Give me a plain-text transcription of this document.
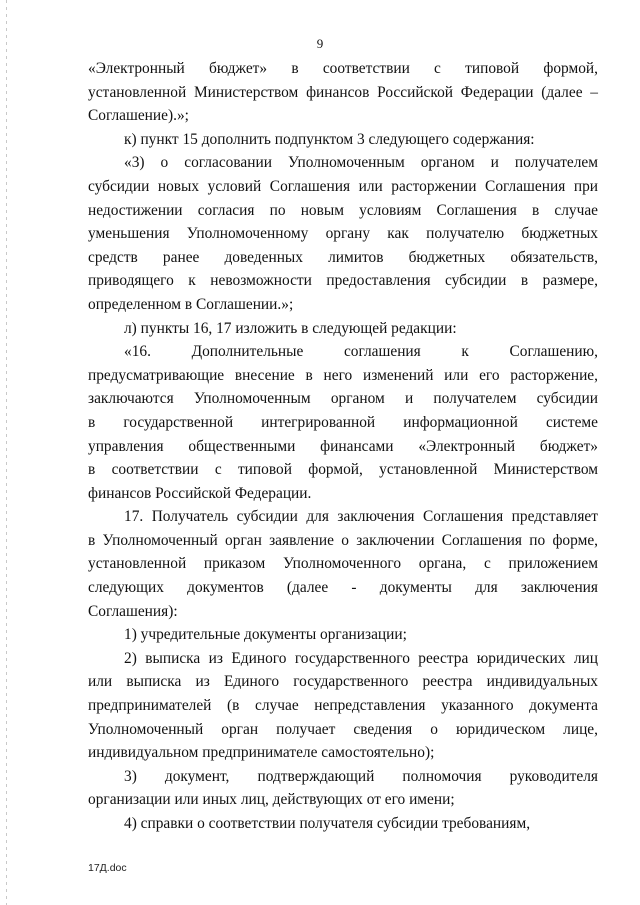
9
«Электронный бюджет» в соответствии с типовой формой,
установленной Министерством финансов Российской Федерации (далее –
Соглашение).»;
к) пункт 15 дополнить подпунктом 3 следующего содержания:
«3) о согласовании Уполномоченным органом и получателем
субсидии новых условий Соглашения или расторжении Соглашения при
недостижении согласия по новым условиям Соглашения в случае
уменьшения Уполномоченному органу как получателю бюджетных
средств ранее доведенных лимитов бюджетных обязательств,
приводящего к невозможности предоставления субсидии в размере,
определенном в Соглашении.»;
л) пункты 16, 17 изложить в следующей редакции:
«16. Дополнительные соглашения к Соглашению,
предусматривающие внесение в него изменений или его расторжение,
заключаются Уполномоченным органом и получателем субсидии
в государственной интегрированной информационной системе
управления общественными финансами «Электронный бюджет»
в соответствии с типовой формой, установленной Министерством
финансов Российской Федерации.
17. Получатель субсидии для заключения Соглашения представляет
в Уполномоченный орган заявление о заключении Соглашения по форме,
установленной приказом Уполномоченного органа, с приложением
следующих документов (далее - документы для заключения
Соглашения):
1) учредительные документы организации;
2) выписка из Единого государственного реестра юридических лиц
или выписка из Единого государственного реестра индивидуальных
предпринимателей (в случае непредставления указанного документа
Уполномоченный орган получает сведения о юридическом лице,
индивидуальном предпринимателе самостоятельно);
3) документ, подтверждающий полномочия руководителя
организации или иных лиц, действующих от его имени;
4) справки о соответствии получателя субсидии требованиям,
17Д.doc
